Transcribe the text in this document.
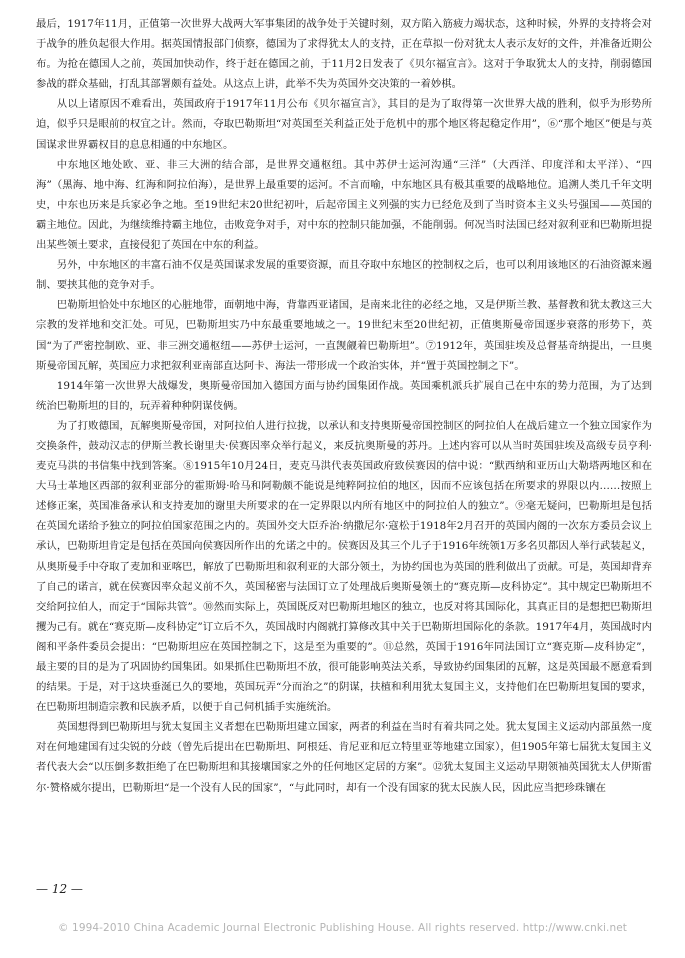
最后，1917年11月，正值第一次世界大战两大军事集团的战争处于关键时刻，双方陷入筋疲力竭状态，这种时候，外界的支持将会对于战争的胜负起很大作用。据英国情报部门侦察，德国为了求得犹太人的支持，正在草拟一份对犹太人表示友好的文件，并准备近期公布。为抢在德国人之前，英国加快动作，终于赶在德国之前，于11月2日发表了《贝尔福宣言》。这对于争取犹太人的支持，削弱德国参战的群众基础，打乱其部署颇有益处。从这点上讲，此举不失为英国外交决策的一着妙棋。

从以上诸原因不难看出，英国政府于1917年11月公布《贝尔福宣言》，其目的是为了取得第一次世界大战的胜利，似乎为形势所迫，似乎只是眼前的权宜之计。然而，夺取巴勒斯坦“对英国至关利益正处于危机中的那个地区将起稳定作用”，⑥“那个地区”便是与英国谋求世界霸权目的息息相通的中东地区。

中东地区地处欧、亚、非三大洲的结合部，是世界交通枢纽。其中苏伊士运河沟通“三洋”（大西洋、印度洋和太平洋）、“四海”（黑海、地中海、红海和阿拉伯海），是世界上最重要的运河。不言而喻，中东地区具有极其重要的战略地位。追溯人类几千年文明史，中东也历来是兵家必争之地。至19世纪末20世纪初叶，后起帝国主义列强的实力已经危及到了当时资本主义头号强国——英国的霸主地位。因此，为继续维持霸主地位，击败竞争对手，对中东的控制只能加强，不能削弱。何况当时法国已经对叙利亚和巴勒斯坦提出某些领土要求，直接侵犯了英国在中东的利益。

另外，中东地区的丰富石油不仅是英国谋求发展的重要资源，而且夺取中东地区的控制权之后，也可以利用该地区的石油资源来遏制、要挟其他的竞争对手。

巴勒斯坦恰处中东地区的心脏地带，面朝地中海，背靠西亚诸国，是南来北往的必经之地，又是伊斯兰教、基督教和犹太教这三大宗教的发祥地和交汇处。可见，巴勒斯坦实乃中东最重要地域之一。19世纪末至20世纪初，正值奥斯曼帝国逐步衰落的形势下，英国“为了严密控制欧、亚、非三洲交通枢纽——苏伊士运河，一直觊觎着巴勒斯坦”。⑦1912年，英国驻埃及总督基奇纳提出，一旦奥斯曼帝国瓦解，英国应力求把叙利亚南部直达阿卡、海法一带形成一个政治实体，并“置于英国控制之下”。

1914年第一次世界大战爆发，奥斯曼帝国加入德国方面与协约国集团作战。英国乘机派兵扩展自己在中东的势力范围，为了达到统治巴勒斯坦的目的，玩弄着种种阴谋伎俩。

为了打败德国，瓦解奥斯曼帝国，对阿拉伯人进行拉拢，以承认和支持奥斯曼帝国控制区的阿拉伯人在战后建立一个独立国家作为交换条件，鼓动汉志的伊斯兰教长谢里夫·侯赛因率众举行起义，来反抗奥斯曼的苏丹。上述内容可以从当时英国驻埃及高级专员亨利·麦克马洪的书信集中找到答案。⑧1915年10月24日，麦克马洪代表英国政府致侯赛因的信中说：“默西纳和亚历山大勒塔两地区和在大马士革地区西部的叙利亚部分的霍斯姆·哈马和阿勒颇不能说是纯粹阿拉伯的地区，因而不应该包括在所要求的界限以内……按照上述修正案，英国准备承认和支持麦加的谢里夫所要求的在一定界限以内所有地区中的阿拉伯人的独立”。⑨毫无疑问，巴勒斯坦是包括在英国允诺给予独立的阿拉伯国家范围之内的。英国外交大臣乔治·纳撒尼尔·寇松于1918年2月召开的英国内阁的一次东方委员会议上承认，巴勒斯坦肯定是包括在英国向侯赛因所作出的允诺之中的。侯赛因及其三个儿子于1916年统领1万多名贝都因人举行武装起义，从奥斯曼手中夺取了麦加和亚喀巴，解放了巴勒斯坦和叙利亚的大部分领土，为协约国也为英国的胜利做出了贡献。可是，英国却背弃了自己的诺言，就在侯赛因率众起义前不久，英国秘密与法国订立了处理战后奥斯曼领土的“赛克斯—皮科协定”。其中规定巴勒斯坦不交给阿拉伯人，而定于“国际共管”。⑩然而实际上，英国既反对巴勒斯坦地区的独立，也反对将其国际化，其真正目的是想把巴勒斯坦攫为己有。就在“赛克斯—皮科协定”订立后不久，英国战时内阁就打算修改其中关于巴勒斯坦国际化的条款。1917年4月，英国战时内阁和平条件委员会提出：“巴勒斯坦应在英国控制之下，这是至为重要的”。⑪总然，英国于1916年同法国订立“赛克斯—皮科协定”，最主要的目的是为了巩固协约国集团。如果抓住巴勒斯坦不放，很可能影响英法关系，导致协约国集团的瓦解，这是英国最不愿意看到的结果。于是，对于这块垂涎已久的要地，英国玩弄“分而治之”的阴谋，扶植和利用犹太复国主义，支持他们在巴勒斯坦复国的要求，在巴勒斯坦制造宗教和民族矛盾，以便于自己伺机插手实施统治。

英国想得到巴勒斯坦与犹太复国主义者想在巴勒斯坦建立国家，两者的利益在当时有着共同之处。犹太复国主义运动内部虽然一度对在何地建国有过尖锐的分歧（曾先后提出在巴勒斯坦、阿根廷、肯尼亚和厄立特里亚等地建立国家），但1905年第七届犹太复国主义者代表大会“以压倒多数拒绝了在巴勒斯坦和其接壤国家之外的任何地区定居的方案”。⑫犹太复国主义运动早期领袖英国犹太人伊斯雷尔·赞格威尔提出，巴勒斯坦“是一个没有人民的国家”，“与此同时，却有一个没有国家的犹太民族人民，因此应当把珍珠镶在

— 12 —
© 1994-2010 China Academic Journal Electronic Publishing House. All rights reserved. http://www.cnki.net
